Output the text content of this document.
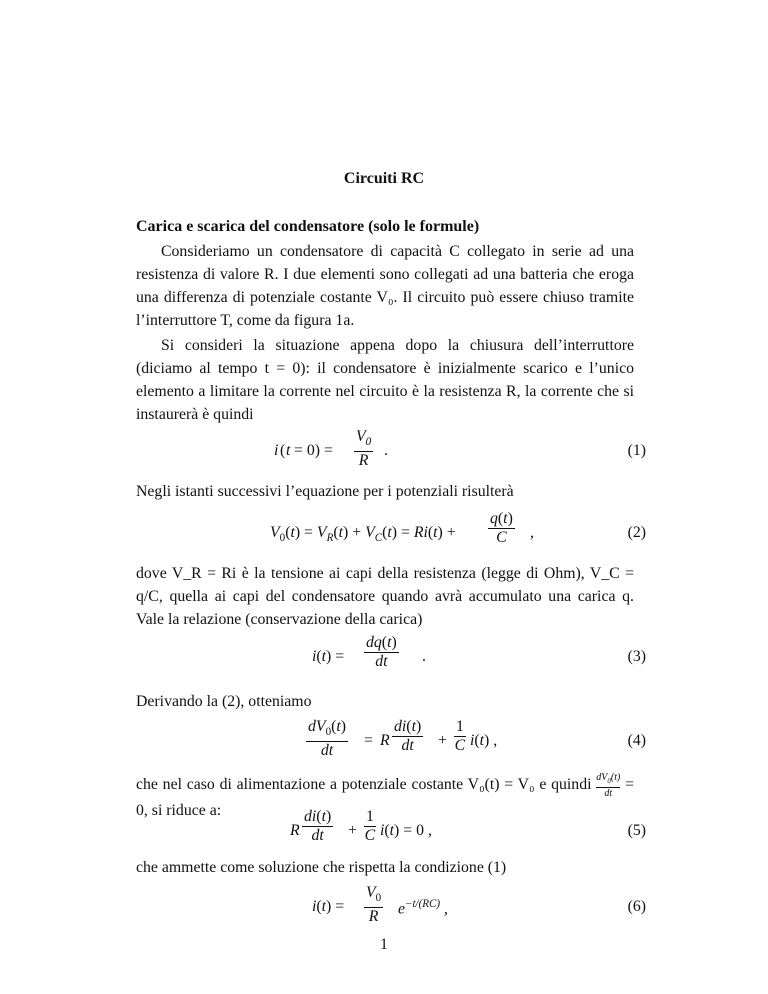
Circuiti RC
Carica e scarica del condensatore (solo le formule)
Consideriamo un condensatore di capacità C collegato in serie ad una resistenza di valore R. I due elementi sono collegati ad una batteria che eroga una differenza di potenziale costante V₀. Il circuito può essere chiuso tramite l’interruttore T, come da figura 1a.
Si consideri la situazione appena dopo la chiusura dell’interruttore (diciamo al tempo t = 0): il condensatore è inizialmente scarico e l’unico elemento a limitare la corrente nel circuito è la resistenza R, la corrente che si instaurerà è quindi
i ( t = 0) =
$V_0$
R
.	(1)
Negli istanti successivi l’equazione per i potenziali risulterà
$V_0(t) = V_R(t) + V_C(t) = Ri(t)$ +
q(t)
C	,	(2)
dove V_R = Ri è la tensione ai capi della resistenza (legge di Ohm), V_C = q/C, quella ai capi del condensatore quando avrà accumulato una carica q. Vale la relazione (conservazione della carica)
i(t) =
dq(t)
dt	.	(3)
Derivando la (2), otteniamo
$dV_0(t)$
dt
= R
di(t)
dt	+
1
C i(t) ,	(4)
che nel caso di alimentazione a potenziale costante V₀(t) = V₀ e quindi $\frac{dV_0(t)}{dt} = 0$, si riduce a:
R
di(t)
dt	+
1
C i(t) = 0 ,	(5)
che ammette come soluzione che rispetta la condizione (1)
i(t) =
$V_0$
R	$e^{-t/(RC)}$ ,	(6)
1
